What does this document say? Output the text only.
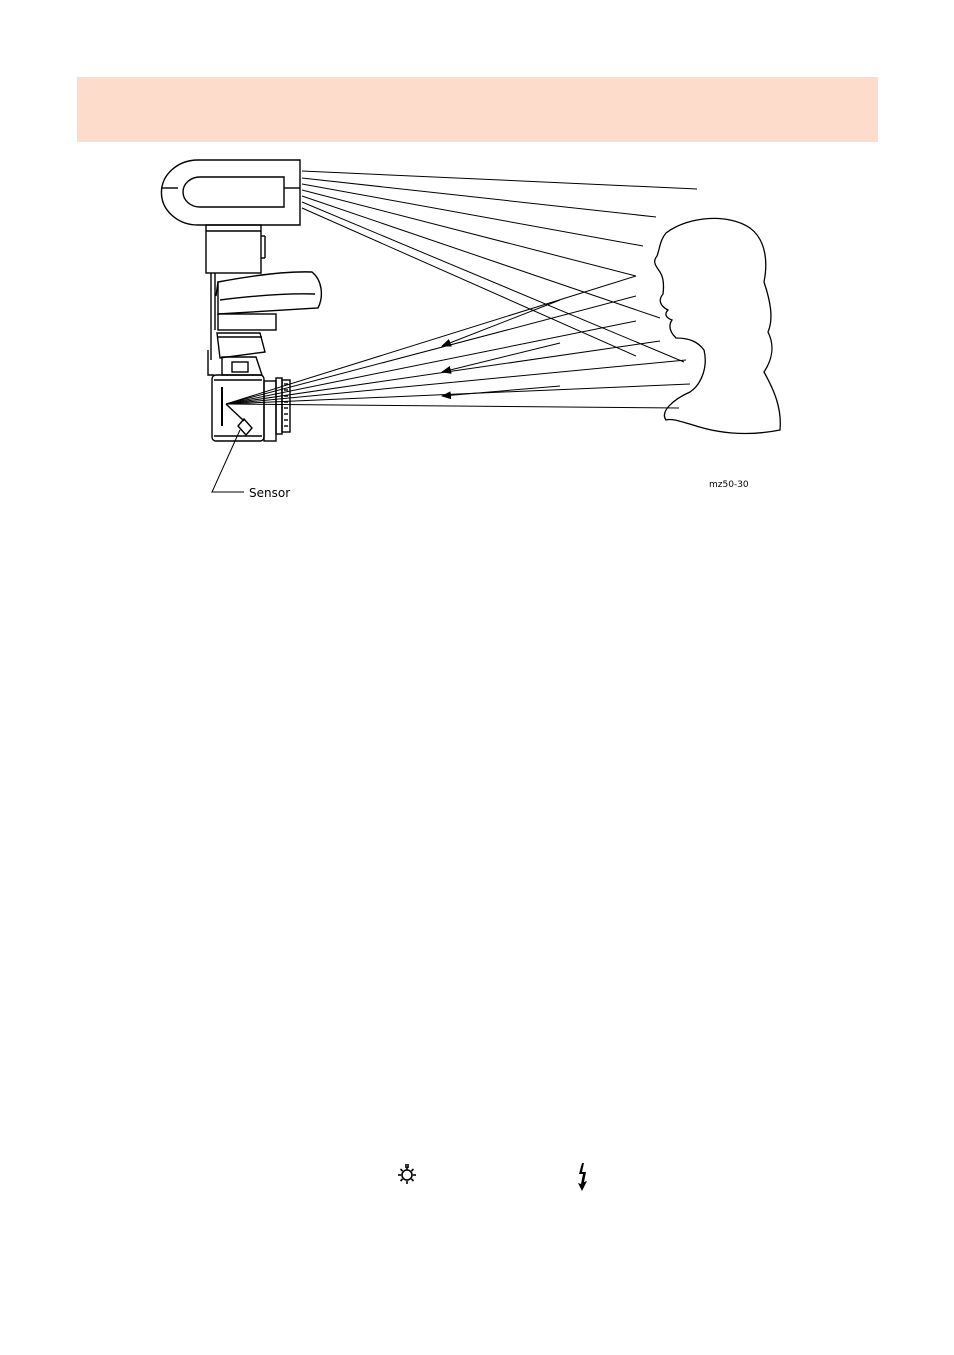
Sensor
mz50-30
